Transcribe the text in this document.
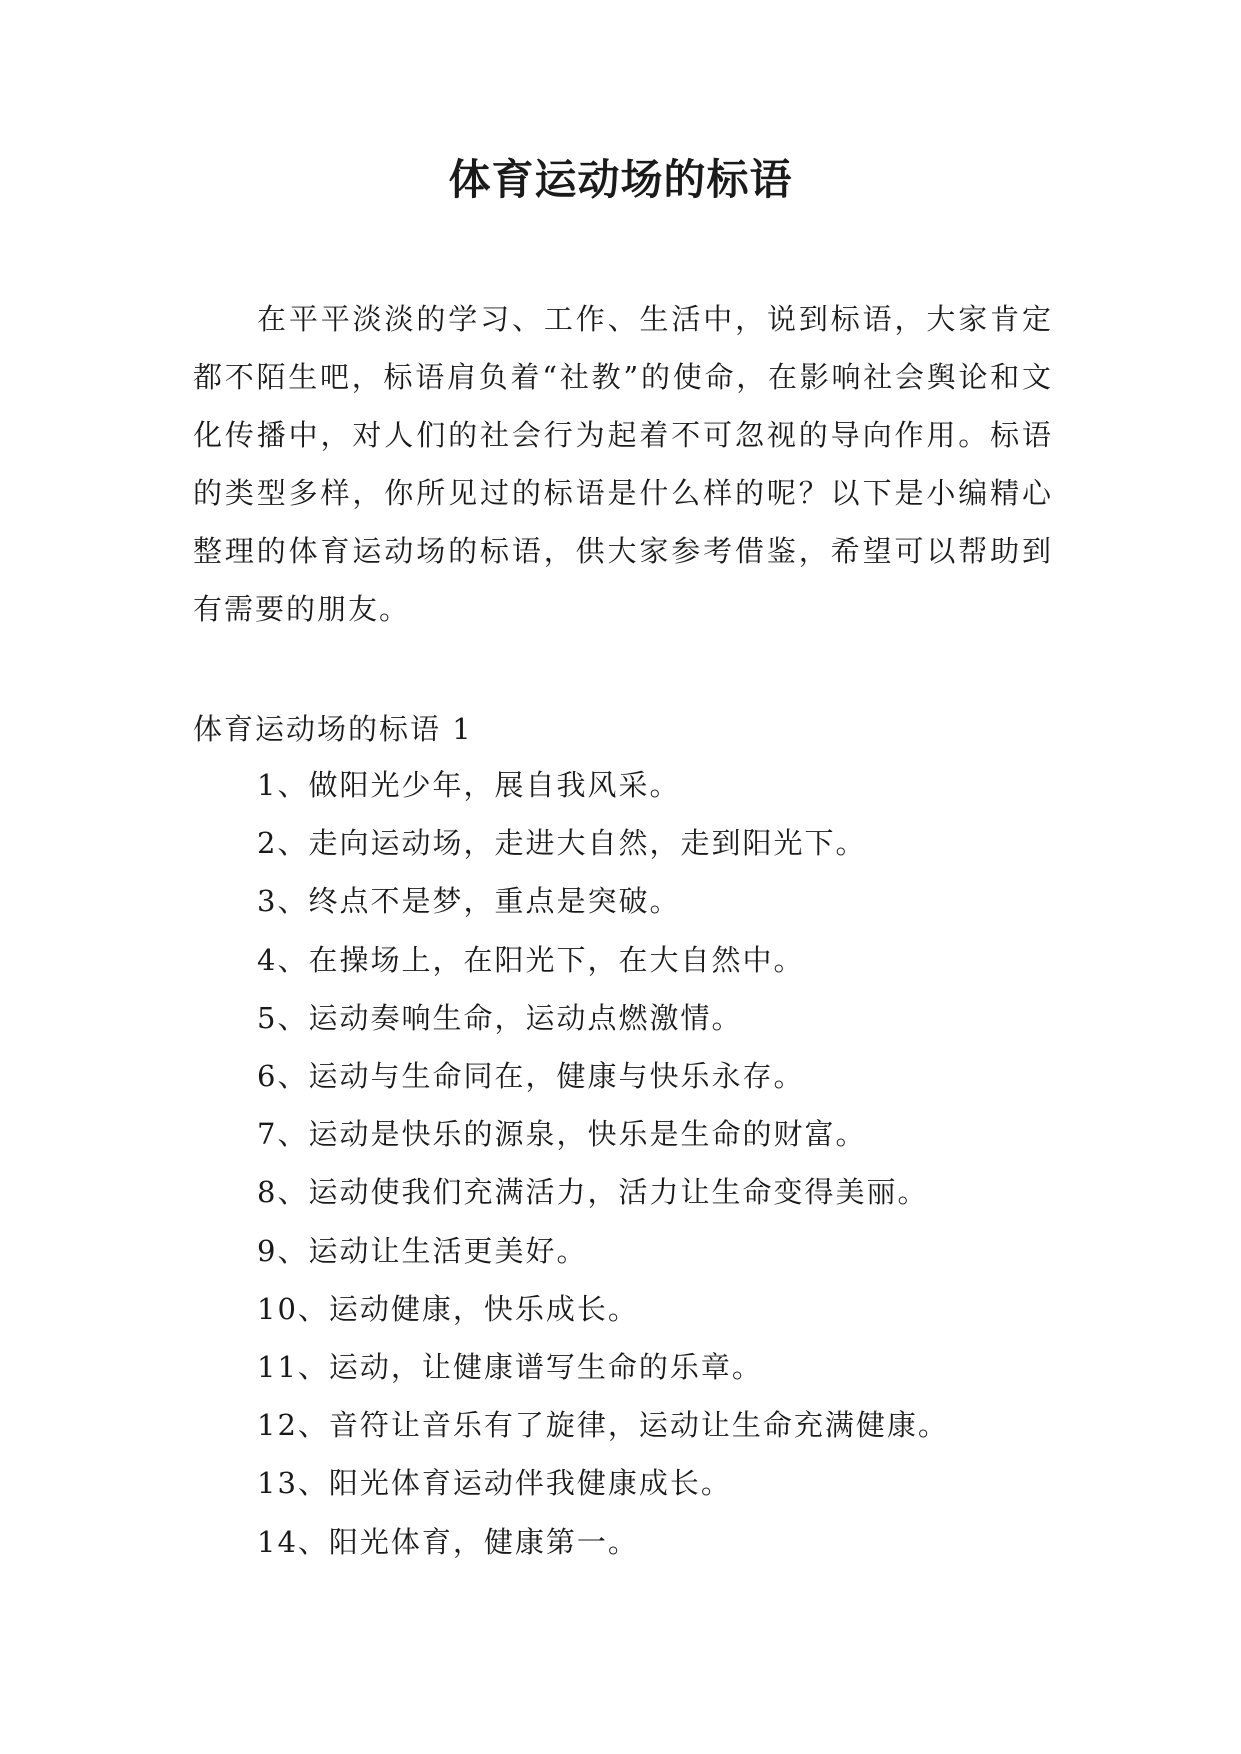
体育运动场的标语

在平平淡淡的学习、工作、生活中，说到标语，大家肯定都不陌生吧，标语肩负着“社教”的使命，在影响社会舆论和文化传播中，对人们的社会行为起着不可忽视的导向作用。标语的类型多样，你所见过的标语是什么样的呢？以下是小编精心整理的体育运动场的标语，供大家参考借鉴，希望可以帮助到有需要的朋友。

体育运动场的标语 1
1、做阳光少年，展自我风采。
2、走向运动场，走进大自然，走到阳光下。
3、终点不是梦，重点是突破。
4、在操场上，在阳光下，在大自然中。
5、运动奏响生命，运动点燃激情。
6、运动与生命同在，健康与快乐永存。
7、运动是快乐的源泉，快乐是生命的财富。
8、运动使我们充满活力，活力让生命变得美丽。
9、运动让生活更美好。
10、运动健康，快乐成长。
11、运动，让健康谱写生命的乐章。
12、音符让音乐有了旋律，运动让生命充满健康。
13、阳光体育运动伴我健康成长。
14、阳光体育，健康第一。
